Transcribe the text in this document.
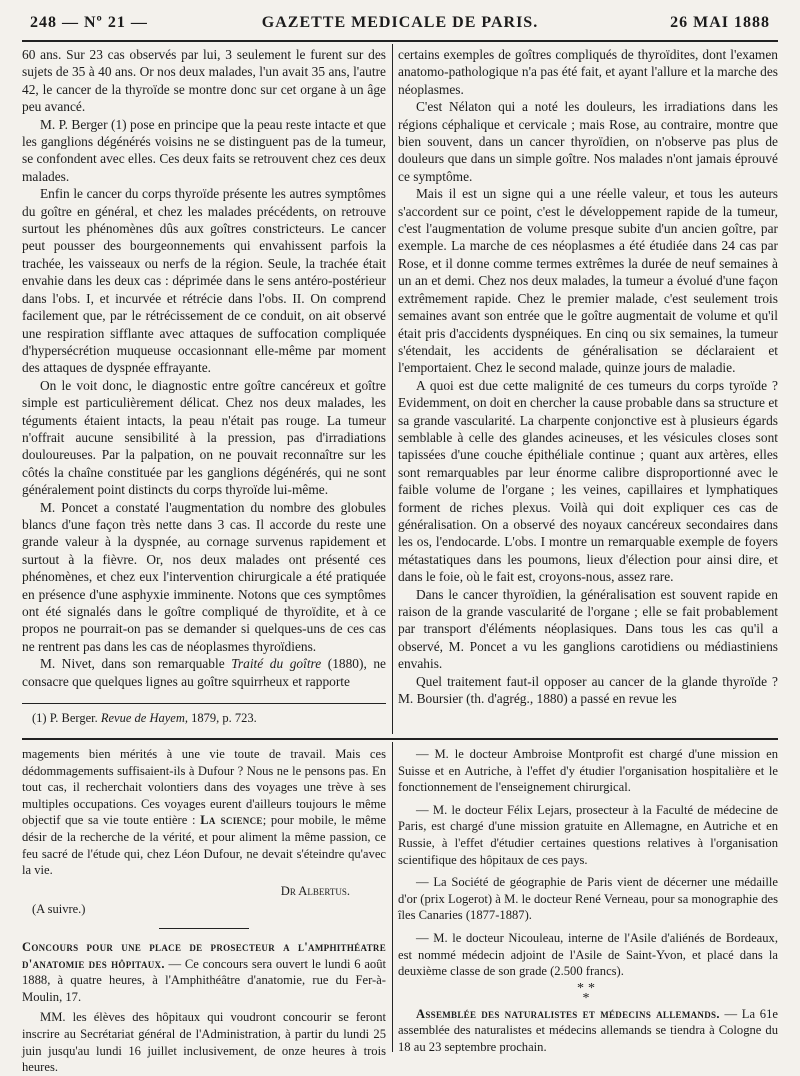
248 — Nº 21 —	GAZETTE MEDICALE DE PARIS.	26 MAI 1888

60 ans. Sur 23 cas observés par lui, 3 seulement le furent sur des sujets de 35 à 40 ans. Or nos deux malades, l'un avait 35 ans, l'autre 42, le cancer de la thyroïde se montre donc sur cet organe à un âge peu avancé.

M. P. Berger (1) pose en principe que la peau reste intacte et que les ganglions dégénérés voisins ne se distinguent pas de la tumeur, se confondent avec elles. Ces deux faits se retrouvent chez ces deux malades.

Enfin le cancer du corps thyroïde présente les autres symptômes du goître en général, et chez les malades précédents, on retrouve surtout les phénomènes dûs aux goîtres constricteurs. Le cancer peut pousser des bourgeonnements qui envahissent parfois la trachée, les vaisseaux ou nerfs de la région. Seule, la trachée était envahie dans les deux cas : déprimée dans le sens antéro-postérieur dans l'obs. I, et incurvée et rétrécie dans l'obs. II. On comprend facilement que, par le rétrécissement de ce conduit, on ait observé une respiration sifflante avec attaques de suffocation compliquée d'hypersécrétion muqueuse occasionnant elle-même par moment des attaques de dyspnée effrayante.

On le voit donc, le diagnostic entre goître cancéreux et goître simple est particulièrement délicat. Chez nos deux malades, les téguments étaient intacts, la peau n'était pas rouge. La tumeur n'offrait aucune sensibilité à la pression, pas d'irradiations douloureuses. Par la palpation, on ne pouvait reconnaître sur les côtés la chaîne constituée par les ganglions dégénérés, qui ne sont généralement point distincts du corps thyroïde lui-même.

M. Poncet a constaté l'augmentation du nombre des globules blancs d'une façon très nette dans 3 cas. Il accorde du reste une grande valeur à la dyspnée, au cornage survenus rapidement et surtout à la fièvre. Or, nos deux malades ont présenté ces phénomènes, et chez eux l'intervention chirurgicale a été pratiquée en présence d'une asphyxie imminente. Notons que ces symptômes ont été signalés dans le goître compliqué de thyroïdite, et à ce propos ne pourrait-on pas se demander si quelques-uns de ces cas ne rentrent pas dans les cas de néoplasmes thyroïdiens.

M. Nivet, dans son remarquable Traité du goître (1880), ne consacre que quelques lignes au goître squirrheux et rapporte

(1) P. Berger. Revue de Hayem, 1879, p. 723.

certains exemples de goîtres compliqués de thyroïdites, dont l'examen anatomo-pathologique n'a pas été fait, et ayant l'allure et la marche des néoplasmes.

C'est Nélaton qui a noté les douleurs, les irradiations dans les régions céphalique et cervicale ; mais Rose, au contraire, montre que bien souvent, dans un cancer thyroïdien, on n'observe pas plus de douleurs que dans un simple goître. Nos malades n'ont jamais éprouvé ce symptôme.

Mais il est un signe qui a une réelle valeur, et tous les auteurs s'accordent sur ce point, c'est le développement rapide de la tumeur, c'est l'augmentation de volume presque subite d'un ancien goître, par exemple. La marche de ces néoplasmes a été étudiée dans 24 cas par Rose, et il donne comme termes extrêmes la durée de neuf semaines à un an et demi. Chez nos deux malades, la tumeur a évolué d'une façon extrêmement rapide. Chez le premier malade, c'est seulement trois semaines avant son entrée que le goître augmentait de volume et qu'il était pris d'accidents dyspnéiques. En cinq ou six semaines, la tumeur s'étendait, les accidents de généralisation se déclaraient et l'emportaient. Chez le second malade, quinze jours de maladie.

A quoi est due cette malignité de ces tumeurs du corps tyroïde ? Evidemment, on doit en chercher la cause probable dans sa structure et sa grande vascularité. La charpente conjonctive est à plusieurs égards semblable à celle des glandes acineuses, et les vésicules closes sont tapissées d'une couche épithéliale continue ; quant aux artères, elles sont remarquables par leur énorme calibre disproportionné avec le faible volume de l'organe ; les veines, capillaires et lymphatiques forment de riches plexus. Voilà qui doit expliquer ces cas de généralisation. On a observé des noyaux cancéreux secondaires dans les os, l'endocarde. L'obs. I montre un remarquable exemple de foyers métastatiques dans les poumons, lieux d'élection pour ainsi dire, et dans le foie, où le fait est, croyons-nous, assez rare.

Dans le cancer thyroïdien, la généralisation est souvent rapide en raison de la grande vascularité de l'organe ; elle se fait probablement par transport d'éléments néoplasiques. Dans tous les cas qu'il a observé, M. Poncet a vu les ganglions carotidiens ou médiastiniens envahis.

Quel traitement faut-il opposer au cancer de la glande thyroïde ? M. Boursier (th. d'agrég., 1880) a passé en revue les

magements bien mérités à une vie toute de travail. Mais ces dédommagements suffisaient-ils à Dufour ? Nous ne le pensons pas. En tout cas, il recherchait volontiers dans des voyages une trève à ses multiples occupations. Ces voyages eurent d'ailleurs toujours le même objectif que sa vie toute entière : La science; pour mobile, le même désir de la recherche de la vérité, et pour aliment la même passion, ce feu sacré de l'étude qui, chez Léon Dufour, ne devait s'éteindre qu'avec la vie.

Dr Albertus.
(A suivre.)

Concours pour une place de prosecteur a l'amphithéatre d'anatomie des hôpitaux. — Ce concours sera ouvert le lundi 6 août 1888, à quatre heures, à l'Amphithéâtre d'anatomie, rue du Fer-à-Moulin, 17.

MM. les élèves des hôpitaux qui voudront concourir se feront inscrire au Secrétariat général de l'Administration, à partir du lundi 25 juin jusqu'au lundi 16 juillet inclusivement, de onze heures à trois heures.

— M. le docteur Ambroise Montprofit est chargé d'une mission en Suisse et en Autriche, à l'effet d'y étudier l'organisation hospitalière et le fonctionnement de l'enseignement chirurgical.

— M. le docteur Félix Lejars, prosecteur à la Faculté de médecine de Paris, est chargé d'une mission gratuite en Allemagne, en Autriche et en Russie, à l'effet d'étudier certaines questions relatives à l'organisation scientifique des hôpitaux de ces pays.

— La Société de géographie de Paris vient de décerner une médaille d'or (prix Logerot) à M. le docteur René Verneau, pour sa monographie des îles Canaries (1877-1887).

— M. le docteur Nicouleau, interne de l'Asile d'aliénés de Bordeaux, est nommé médecin adjoint de l'Asile de Saint-Yvon, et placé dans la deuxième classe de son grade (2.500 francs).

**
*

Assemblée des naturalistes et médecins allemands. — La 61e assemblée des naturalistes et médecins allemands se tiendra à Cologne du 18 au 23 septembre prochain.
